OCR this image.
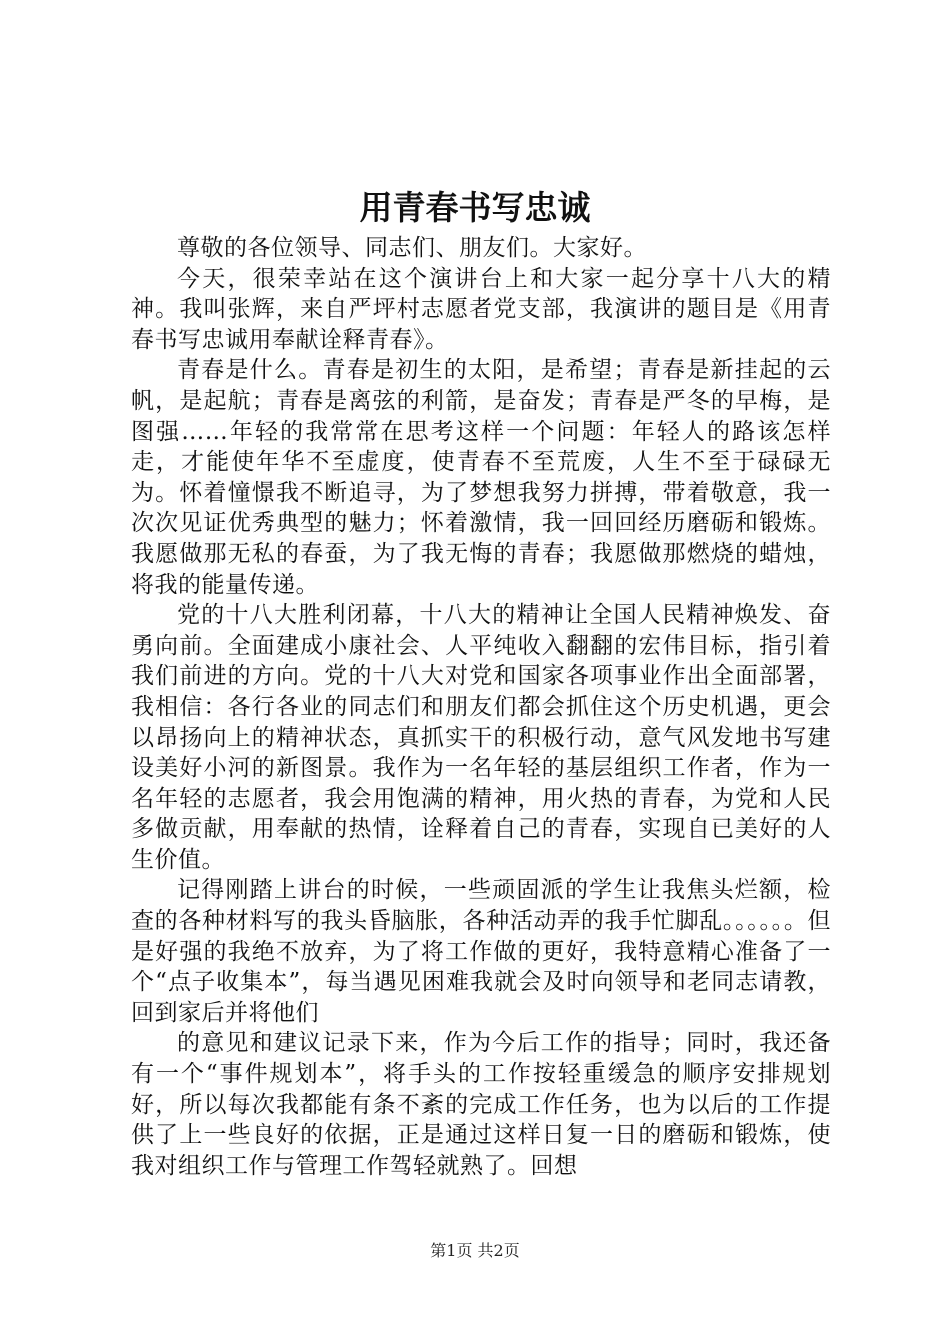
用青春书写忠诚

尊敬的各位领导、同志们、朋友们。大家好。

今天，很荣幸站在这个演讲台上和大家一起分享十八大的精神。我叫张辉，来自严坪村志愿者党支部，我演讲的题目是《用青春书写忠诚用奉献诠释青春》。

青春是什么。青春是初生的太阳，是希望；青春是新挂起的云帆，是起航；青春是离弦的利箭，是奋发；青春是严冬的早梅，是图强……年轻的我常常在思考这样一个问题：年轻人的路该怎样走，才能使年华不至虚度，使青春不至荒废，人生不至于碌碌无为。怀着憧憬我不断追寻，为了梦想我努力拼搏，带着敬意，我一次次见证优秀典型的魅力；怀着激情，我一回回经历磨砺和锻炼。我愿做那无私的春蚕，为了我无悔的青春；我愿做那燃烧的蜡烛，将我的能量传递。

党的十八大胜利闭幕，十八大的精神让全国人民精神焕发、奋勇向前。全面建成小康社会、人平纯收入翻翻的宏伟目标，指引着我们前进的方向。党的十八大对党和国家各项事业作出全面部署，我相信：各行各业的同志们和朋友们都会抓住这个历史机遇，更会以昂扬向上的精神状态，真抓实干的积极行动，意气风发地书写建设美好小河的新图景。我作为一名年轻的基层组织工作者，作为一名年轻的志愿者，我会用饱满的精神，用火热的青春，为党和人民多做贡献，用奉献的热情，诠释着自己的青春，实现自已美好的人生价值。

记得刚踏上讲台的时候，一些顽固派的学生让我焦头烂额，检查的各种材料写的我头昏脑胀，各种活动弄的我手忙脚乱。。。。。。但是好强的我绝不放弃，为了将工作做的更好，我特意精心准备了一个“点子收集本”，每当遇见困难我就会及时向领导和老同志请教，回到家后并将他们

的意见和建议记录下来，作为今后工作的指导；同时，我还备有一个“事件规划本”，将手头的工作按轻重缓急的顺序安排规划好，所以每次我都能有条不紊的完成工作任务，也为以后的工作提供了上一些良好的依据，正是通过这样日复一日的磨砺和锻炼，使我对组织工作与管理工作驾轻就熟了。回想

第1页 共2页
